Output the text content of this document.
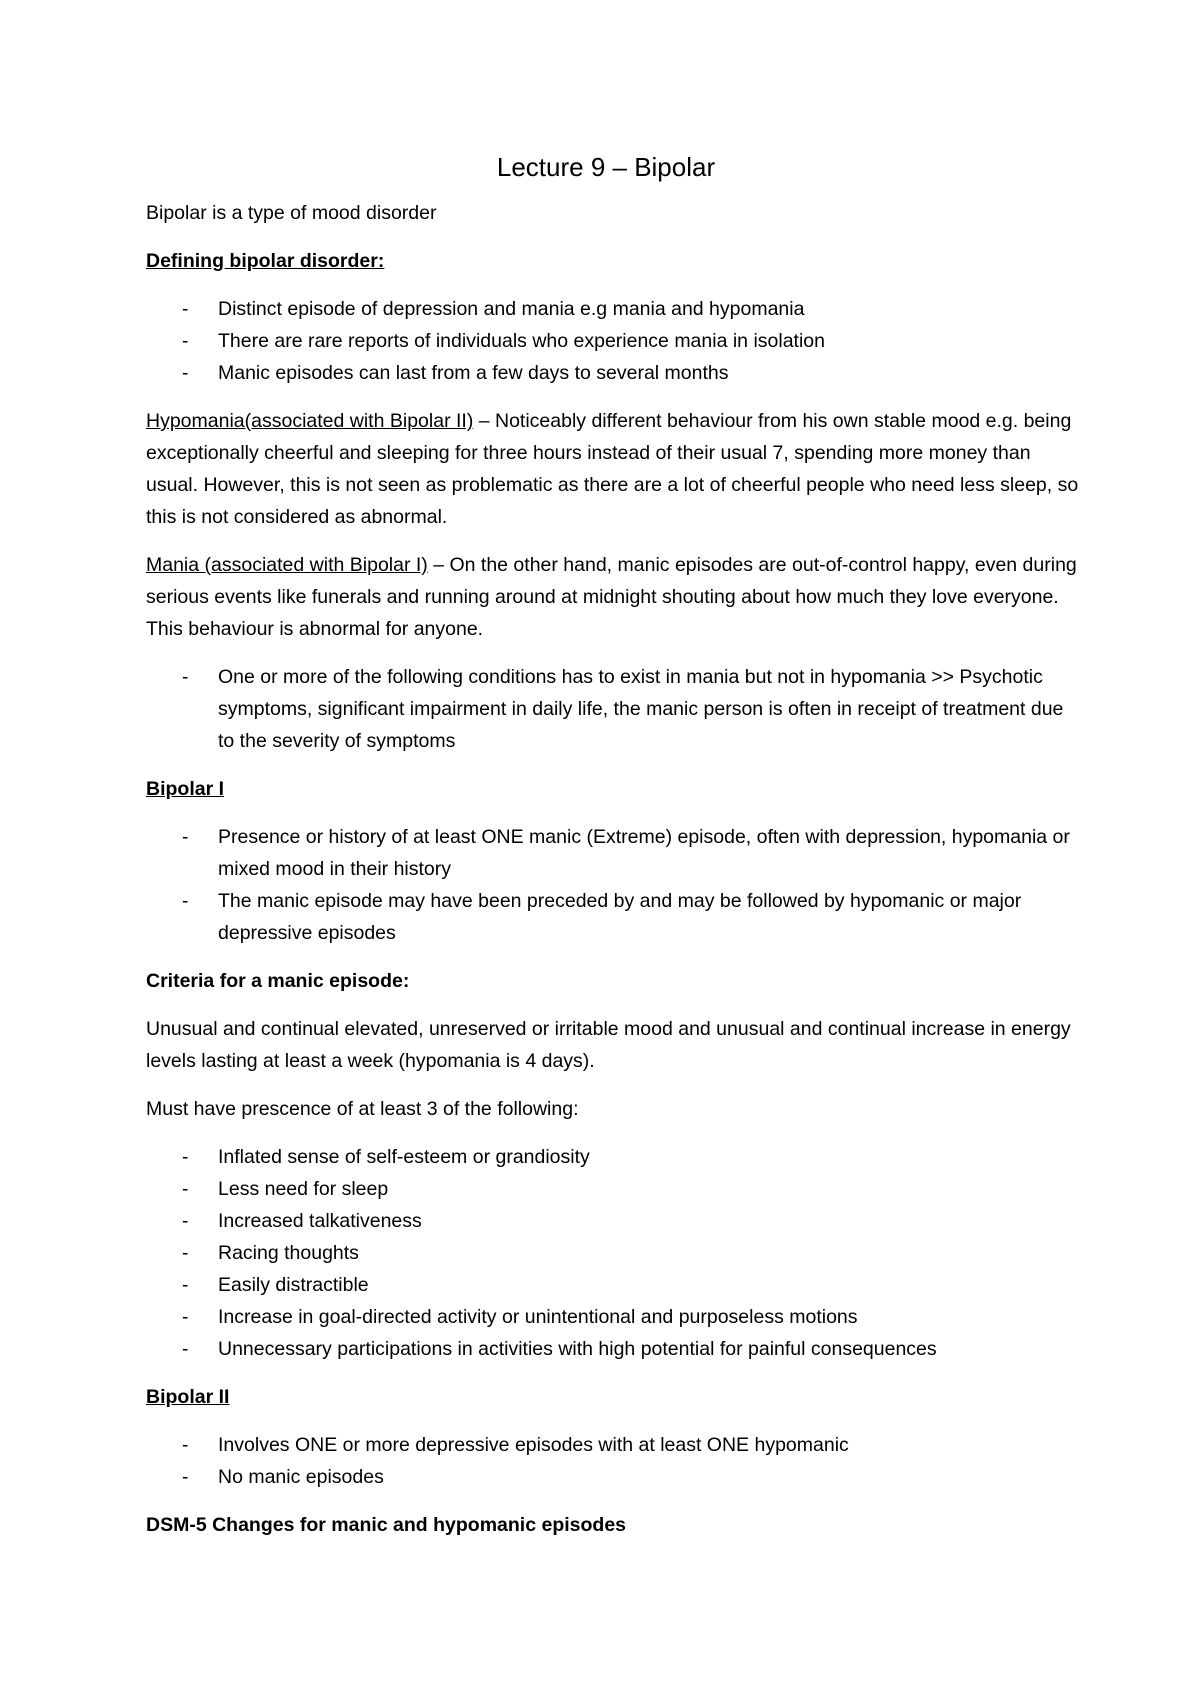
Lecture 9 – Bipolar

Bipolar is a type of mood disorder

Defining bipolar disorder:

- Distinct episode of depression and mania e.g mania and hypomania
- There are rare reports of individuals who experience mania in isolation
- Manic episodes can last from a few days to several months

Hypomania(associated with Bipolar II) – Noticeably different behaviour from his own stable mood e.g. being exceptionally cheerful and sleeping for three hours instead of their usual 7, spending more money than usual. However, this is not seen as problematic as there are a lot of cheerful people who need less sleep, so this is not considered as abnormal.

Mania (associated with Bipolar I) – On the other hand, manic episodes are out-of-control happy, even during serious events like funerals and running around at midnight shouting about how much they love everyone. This behaviour is abnormal for anyone.

- One or more of the following conditions has to exist in mania but not in hypomania >> Psychotic symptoms, significant impairment in daily life, the manic person is often in receipt of treatment due to the severity of symptoms

Bipolar I

- Presence or history of at least ONE manic (Extreme) episode, often with depression, hypomania or mixed mood in their history
- The manic episode may have been preceded by and may be followed by hypomanic or major depressive episodes

Criteria for a manic episode:

Unusual and continual elevated, unreserved or irritable mood and unusual and continual increase in energy levels lasting at least a week (hypomania is 4 days).

Must have prescence of at least 3 of the following:

- Inflated sense of self-esteem or grandiosity
- Less need for sleep
- Increased talkativeness
- Racing thoughts
- Easily distractible
- Increase in goal-directed activity or unintentional and purposeless motions
- Unnecessary participations in activities with high potential for painful consequences

Bipolar II

- Involves ONE or more depressive episodes with at least ONE hypomanic
- No manic episodes

DSM-5 Changes for manic and hypomanic episodes
